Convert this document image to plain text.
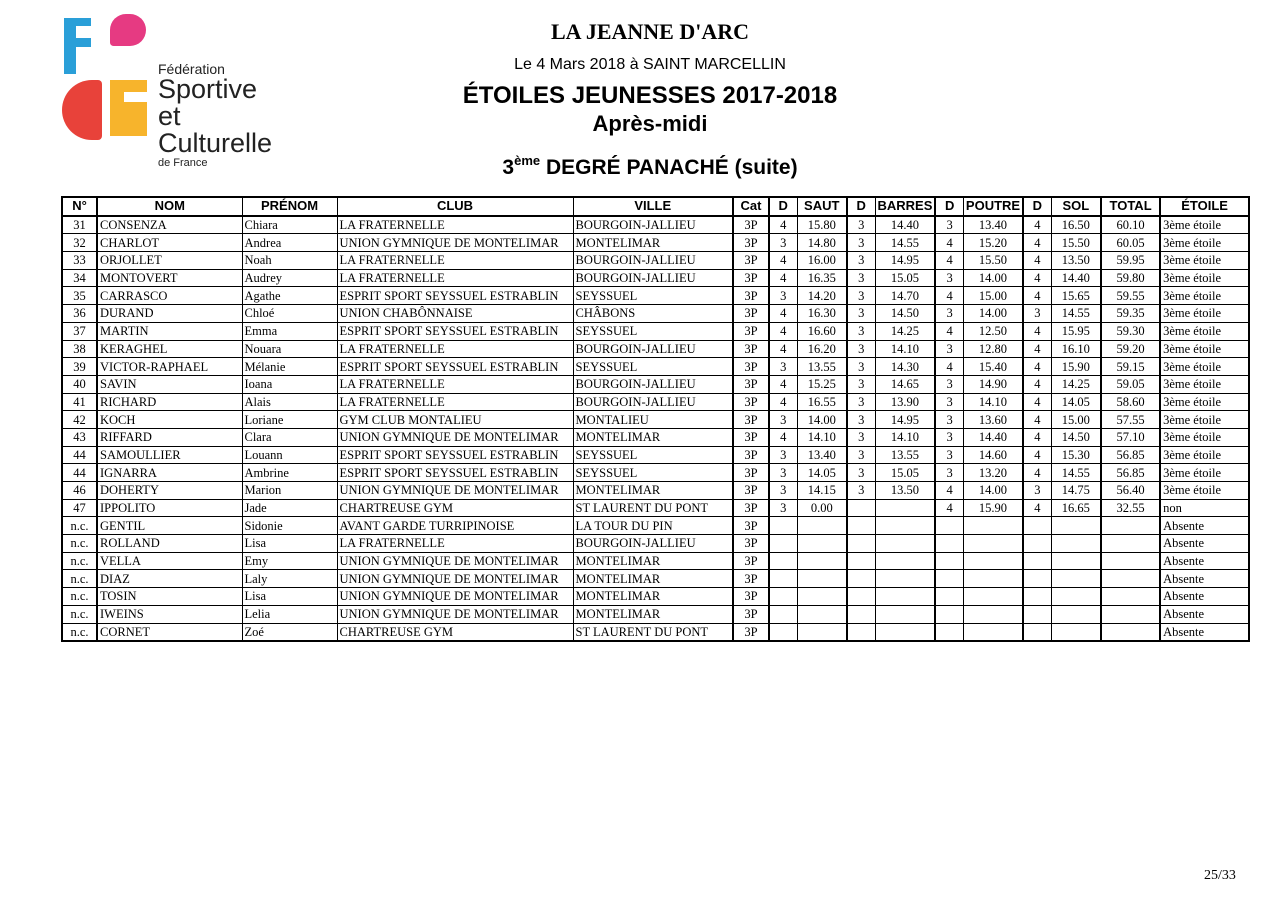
Fédération
Sportive
et Culturelle
de France
LA JEANNE D'ARC
Le 4 Mars 2018 à SAINT MARCELLIN
ÉTOILES JEUNESSES 2017-2018
Après-midi
3ème DEGRÉ PANACHÉ (suite)
N°	NOM	PRÉNOM	CLUB	VILLE	Cat	D	SAUT	D	BARRES	D	POUTRE	D	SOL	TOTAL	ÉTOILE
31	CONSENZA	Chiara	LA FRATERNELLE	BOURGOIN-JALLIEU	3P	4	15.80	3	14.40	3	13.40	4	16.50	60.10	3ème étoile
32	CHARLOT	Andrea	UNION GYMNIQUE DE MONTELIMAR	MONTELIMAR	3P	3	14.80	3	14.55	4	15.20	4	15.50	60.05	3ème étoile
33	ORJOLLET	Noah	LA FRATERNELLE	BOURGOIN-JALLIEU	3P	4	16.00	3	14.95	4	15.50	4	13.50	59.95	3ème étoile
34	MONTOVERT	Audrey	LA FRATERNELLE	BOURGOIN-JALLIEU	3P	4	16.35	3	15.05	3	14.00	4	14.40	59.80	3ème étoile
35	CARRASCO	Agathe	ESPRIT SPORT SEYSSUEL ESTRABLIN	SEYSSUEL	3P	3	14.20	3	14.70	4	15.00	4	15.65	59.55	3ème étoile
36	DURAND	Chloé	UNION CHABÔNNAISE	CHÂBONS	3P	4	16.30	3	14.50	3	14.00	3	14.55	59.35	3ème étoile
37	MARTIN	Emma	ESPRIT SPORT SEYSSUEL ESTRABLIN	SEYSSUEL	3P	4	16.60	3	14.25	4	12.50	4	15.95	59.30	3ème étoile
38	KERAGHEL	Nouara	LA FRATERNELLE	BOURGOIN-JALLIEU	3P	4	16.20	3	14.10	3	12.80	4	16.10	59.20	3ème étoile
39	VICTOR-RAPHAEL	Mélanie	ESPRIT SPORT SEYSSUEL ESTRABLIN	SEYSSUEL	3P	3	13.55	3	14.30	4	15.40	4	15.90	59.15	3ème étoile
40	SAVIN	Ioana	LA FRATERNELLE	BOURGOIN-JALLIEU	3P	4	15.25	3	14.65	3	14.90	4	14.25	59.05	3ème étoile
41	RICHARD	Alais	LA FRATERNELLE	BOURGOIN-JALLIEU	3P	4	16.55	3	13.90	3	14.10	4	14.05	58.60	3ème étoile
42	KOCH	Loriane	GYM CLUB MONTALIEU	MONTALIEU	3P	3	14.00	3	14.95	3	13.60	4	15.00	57.55	3ème étoile
43	RIFFARD	Clara	UNION GYMNIQUE DE MONTELIMAR	MONTELIMAR	3P	4	14.10	3	14.10	3	14.40	4	14.50	57.10	3ème étoile
44	SAMOULLIER	Louann	ESPRIT SPORT SEYSSUEL ESTRABLIN	SEYSSUEL	3P	3	13.40	3	13.55	3	14.60	4	15.30	56.85	3ème étoile
44	IGNARRA	Ambrine	ESPRIT SPORT SEYSSUEL ESTRABLIN	SEYSSUEL	3P	3	14.05	3	15.05	3	13.20	4	14.55	56.85	3ème étoile
46	DOHERTY	Marion	UNION GYMNIQUE DE MONTELIMAR	MONTELIMAR	3P	3	14.15	3	13.50	4	14.00	3	14.75	56.40	3ème étoile
47	IPPOLITO	Jade	CHARTREUSE GYM	ST LAURENT DU PONT	3P	3	0.00			4	15.90	4	16.65	32.55	non
n.c.	GENTIL	Sidonie	AVANT GARDE TURRIPINOISE	LA TOUR DU PIN	3P										Absente
n.c.	ROLLAND	Lisa	LA FRATERNELLE	BOURGOIN-JALLIEU	3P										Absente
n.c.	VELLA	Emy	UNION GYMNIQUE DE MONTELIMAR	MONTELIMAR	3P										Absente
n.c.	DIAZ	Laly	UNION GYMNIQUE DE MONTELIMAR	MONTELIMAR	3P										Absente
n.c.	TOSIN	Lisa	UNION GYMNIQUE DE MONTELIMAR	MONTELIMAR	3P										Absente
n.c.	IWEINS	Lelia	UNION GYMNIQUE DE MONTELIMAR	MONTELIMAR	3P										Absente
n.c.	CORNET	Zoé	CHARTREUSE GYM	ST LAURENT DU PONT	3P										Absente
25/33
